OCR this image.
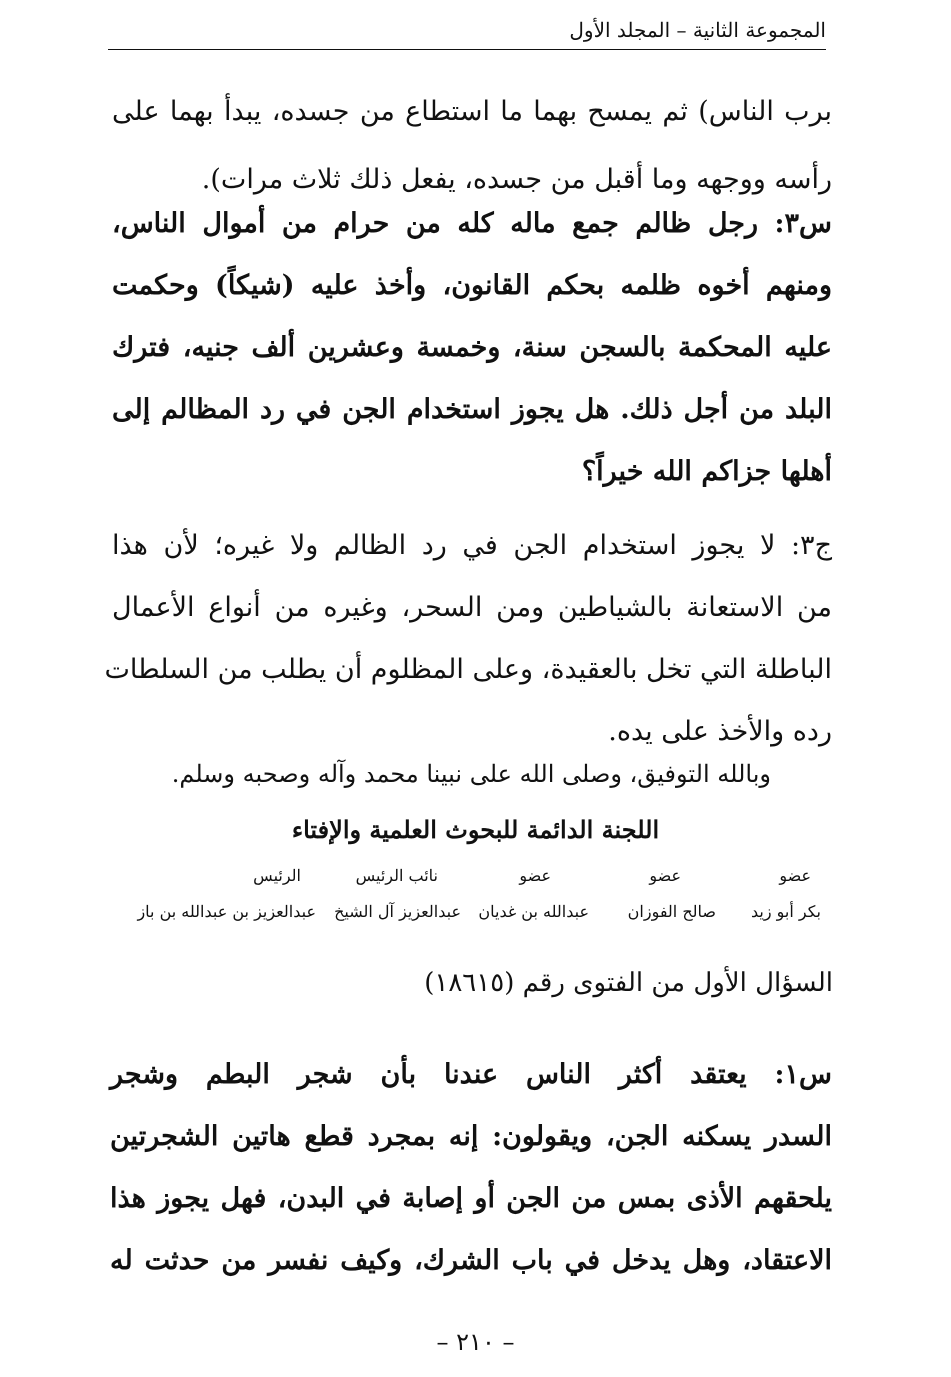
المجموعة الثانية – المجلد الأول
برب الناس) ثم يمسح بهما ما استطاع من جسده، يبدأ بهما على
رأسه ووجهه وما أقبل من جسده، يفعل ذلك ثلاث مرات).
س٣: رجل ظالم جمع ماله كله من حرام من أموال الناس،
ومنهم أخوه ظلمه بحكم القانون، وأخذ عليه (شيكاً) وحكمت
عليه المحكمة بالسجن سنة، وخمسة وعشرين ألف جنيه، فترك
البلد من أجل ذلك. هل يجوز استخدام الجن في رد المظالم إلى
أهلها جزاكم الله خيراً؟
ج٣: لا يجوز استخدام الجن في رد الظالم ولا غيره؛ لأن هذا
من الاستعانة بالشياطين ومن السحر، وغيره من أنواع الأعمال
الباطلة التي تخل بالعقيدة، وعلى المظلوم أن يطلب من السلطات
رده والأخذ على يده.
وبالله التوفيق، وصلى الله على نبينا محمد وآله وصحبه وسلم.
اللجنة الدائمة للبحوث العلمية والإفتاء
عضو
عضو
عضو
نائب الرئيس
الرئيس
بكر أبو زيد
صالح الفوزان
عبدالله بن غديان
عبدالعزيز آل الشيخ
عبدالعزيز بن عبدالله بن باز
السؤال الأول من الفتوى رقم (١٨٦١٥)
س١: يعتقد أكثر الناس عندنا بأن شجر البطم وشجر
السدر يسكنه الجن، ويقولون: إنه بمجرد قطع هاتين الشجرتين
يلحقهم الأذى بمس من الجن أو إصابة في البدن، فهل يجوز هذا
الاعتقاد، وهل يدخل في باب الشرك، وكيف نفسر من حدثت له
– ٢١٠ –
